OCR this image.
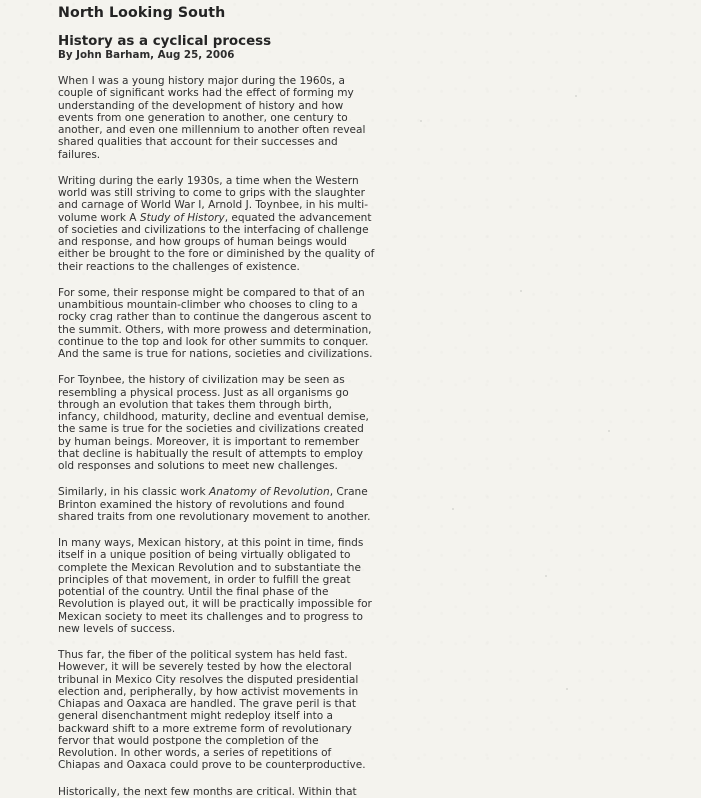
North Looking South
History as a cyclical process
By John Barham, Aug 25, 2006

When I was a young history major during the 1960s, a couple of significant works had the effect of forming my understanding of the development of history and how events from one generation to another, one century to another, and even one millennium to another often reveal shared qualities that account for their successes and failures.

Writing during the early 1930s, a time when the Western world was still striving to come to grips with the slaughter and carnage of World War I, Arnold J. Toynbee, in his multi-volume work A Study of History, equated the advancement of societies and civilizations to the interfacing of challenge and response, and how groups of human beings would either be brought to the fore or diminished by the quality of their reactions to the challenges of existence.

For some, their response might be compared to that of an unambitious mountain-climber who chooses to cling to a rocky crag rather than to continue the dangerous ascent to the summit. Others, with more prowess and determination, continue to the top and look for other summits to conquer. And the same is true for nations, societies and civilizations.

For Toynbee, the history of civilization may be seen as resembling a physical process. Just as all organisms go through an evolution that takes them through birth, infancy, childhood, maturity, decline and eventual demise, the same is true for the societies and civilizations created by human beings. Moreover, it is important to remember that decline is habitually the result of attempts to employ old responses and solutions to meet new challenges.

Similarly, in his classic work Anatomy of Revolution, Crane Brinton examined the history of revolutions and found shared traits from one revolutionary movement to another.

In many ways, Mexican history, at this point in time, finds itself in a unique position of being virtually obligated to complete the Mexican Revolution and to substantiate the principles of that movement, in order to fulfill the great potential of the country. Until the final phase of the Revolution is played out, it will be practically impossible for Mexican society to meet its challenges and to progress to new levels of success.

Thus far, the fiber of the political system has held fast. However, it will be severely tested by how the electoral tribunal in Mexico City resolves the disputed presidential election and, peripherally, by how activist movements in Chiapas and Oaxaca are handled. The grave peril is that general disenchantment might redeploy itself into a backward shift to a more extreme form of revolutionary fervor that would postpone the completion of the Revolution. In other words, a series of repetitions of Chiapas and Oaxaca could prove to be counterproductive.

Historically, the next few months are critical. Within that
